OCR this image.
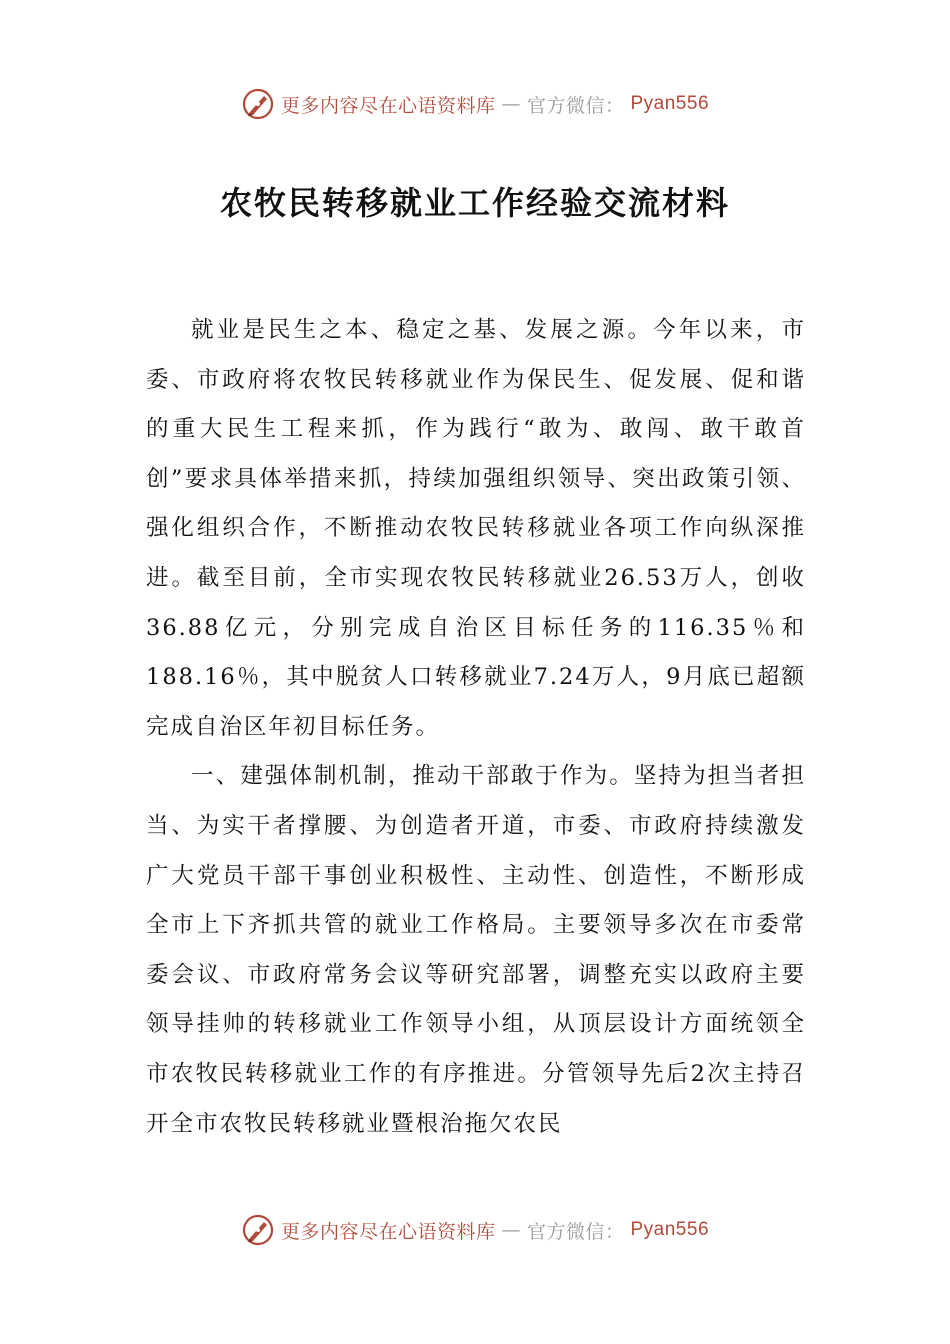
更多内容尽在心语资料库 — 官方微信： Pyan556
农牧民转移就业工作经验交流材料

就业是民生之本、稳定之基、发展之源。今年以来，市委、市政府将农牧民转移就业作为保民生、促发展、促和谐的重大民生工程来抓，作为践行“敢为、敢闯、敢干敢首创”要求具体举措来抓，持续加强组织领导、突出政策引领、强化组织合作，不断推动农牧民转移就业各项工作向纵深推进。截至目前，全市实现农牧民转移就业26.53万人，创收36.88亿元，分别完成自治区目标任务的116.35％和188.16％，其中脱贫人口转移就业7.24万人，9月底已超额完成自治区年初目标任务。

一、建强体制机制，推动干部敢于作为。坚持为担当者担当、为实干者撑腰、为创造者开道，市委、市政府持续激发广大党员干部干事创业积极性、主动性、创造性，不断形成全市上下齐抓共管的就业工作格局。主要领导多次在市委常委会议、市政府常务会议等研究部署，调整充实以政府主要领导挂帅的转移就业工作领导小组，从顶层设计方面统领全市农牧民转移就业工作的有序推进。分管领导先后2次主持召开全市农牧民转移就业暨根治拖欠农民

更多内容尽在心语资料库 — 官方微信： Pyan556
